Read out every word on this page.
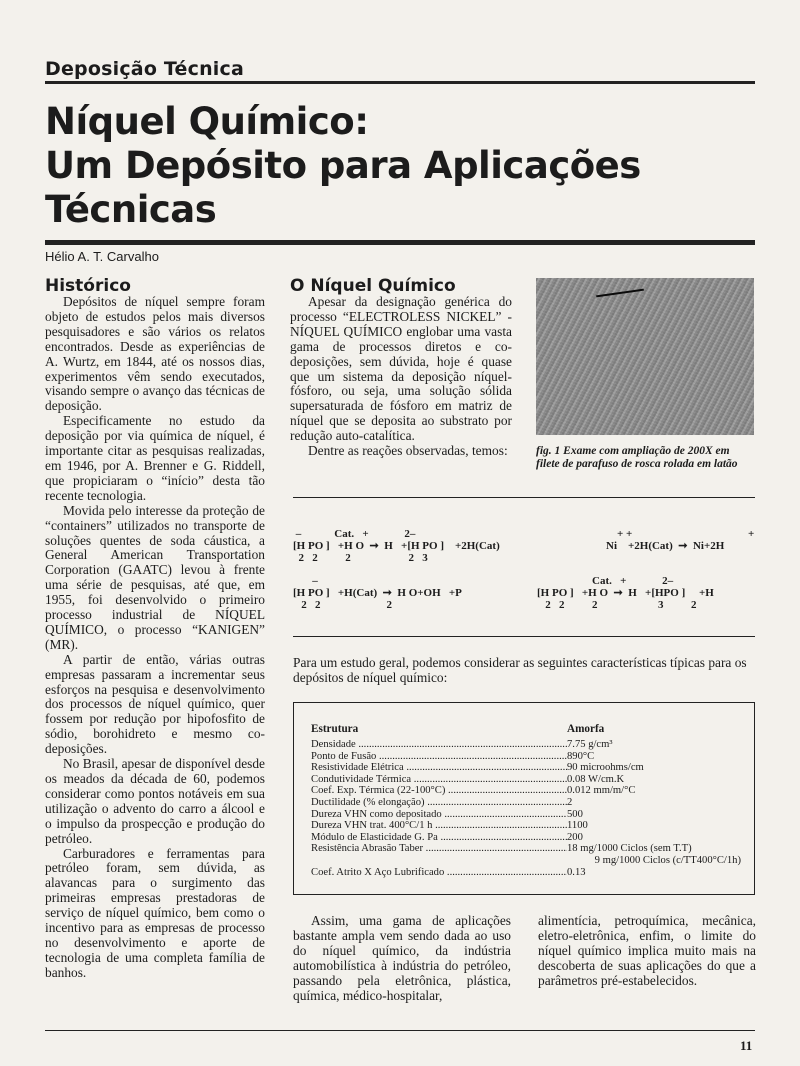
Deposição Técnica
Níquel Químico:
Um Depósito para Aplicações
Técnicas
Hélio A. T. Carvalho
Histórico

Depósitos de níquel sempre foram objeto de estudos pelos mais diversos pesquisadores e são vários os relatos encontrados. Desde as experiências de A. Wurtz, em 1844, até os nossos dias, experimentos vêm sendo executados, visando sempre o avanço das técnicas de deposição.

Especificamente no estudo da deposição por via química de níquel, é importante citar as pesquisas realizadas, em 1946, por A. Brenner e G. Riddell, que propiciaram o “início” desta tão recente tecnologia.

Movida pelo interesse da proteção de “containers” utilizados no transporte de soluções quentes de soda cáustica, a General American Transportation Corporation (GAATC) levou à frente uma série de pesquisas, até que, em 1955, foi desenvolvido o primeiro processo industrial de NÍQUEL QUÍMICO, o processo “KANIGEN” (MR).

A partir de então, várias outras empresas passaram a incrementar seus esforços na pesquisa e desenvolvimento dos processos de níquel químico, quer fossem por redução por hipofosfito de sódio, borohidreto e mesmo co-deposições.

No Brasil, apesar de disponível desde os meados da década de 60, podemos considerar como pontos notáveis em sua utilização o advento do carro a álcool e o impulso da prospecção e produção do petróleo.

Carburadores e ferramentas para petróleo foram, sem dúvida, as alavancas para o surgimento das primeiras empresas prestadoras de serviço de níquel químico, bem como o incentivo para as empresas de processo no desenvolvimento e aporte de tecnologia de uma completa família de banhos.

O Níquel Químico

Apesar da designação genérica do processo “ELECTROLESS NICKEL” - NÍQUEL QUÍMICO englobar uma vasta gama de processos diretos e co-deposições, sem dúvida, hoje é quase que um sistema da deposição níquel-fósforo, ou seja, uma solução sólida supersaturada de fósforo em matriz de níquel que se deposita ao substrato por redução auto-catalítica.

Dentre as reações observadas, temos:	fig. 1 Exame com ampliação de 200X em filete de parafuso de rosca rolada em latão
–            Cat.   +             2–
[H PO ]   +H O  ➞  H   +[H PO ]    +2H(Cat)
2   2          2                     2   3
+ +
Ni    +2H(Cat)  ➞  Ni+2H
+
–
[H PO ]   +H(Cat)  ➞  H O+OH   +P
2   2                        2
Cat.   +             2–
[H PO ]   +H O  ➞  H   +[HPO ]     +H
2   2          2                      3          2
Para um estudo geral, podemos considerar as seguintes características típicas para os depósitos de níquel químico:
Estrutura	Amorfa
Densidade .....	7.75 g/cm³
Ponto de Fusão .....	890°C
Resistividade Elétrica .....	90 microohms/cm
Condutividade Térmica .....	0.08 W/cm.K
Coef. Exp. Térmica (22-100°C) .....	0.012 mm/m/°C
Ductilidade (% elongação) .....	2
Dureza VHN como depositado .....	500
Dureza VHN trat. 400°C/1 h .....	1100
Módulo de Elasticidade G. Pa .....	200
Resistência Abrasão Taber .....	18 mg/1000 Ciclos (sem T.T)
9 mg/1000 Ciclos (c/TT400°C/1h)
Coef. Atrito X Aço Lubrificado .....	0.13
Assim, uma gama de aplicações bastante ampla vem sendo dada ao uso do níquel químico, da indústria automobilística à indústria do petróleo, passando pela eletrônica, plástica, química, médico-hospitalar,
alimentícia, petroquímica, mecânica, eletro-eletrônica, enfim, o limite do níquel químico implica muito mais na descoberta de suas aplicações do que a parâmetros pré-estabelecidos.
11
